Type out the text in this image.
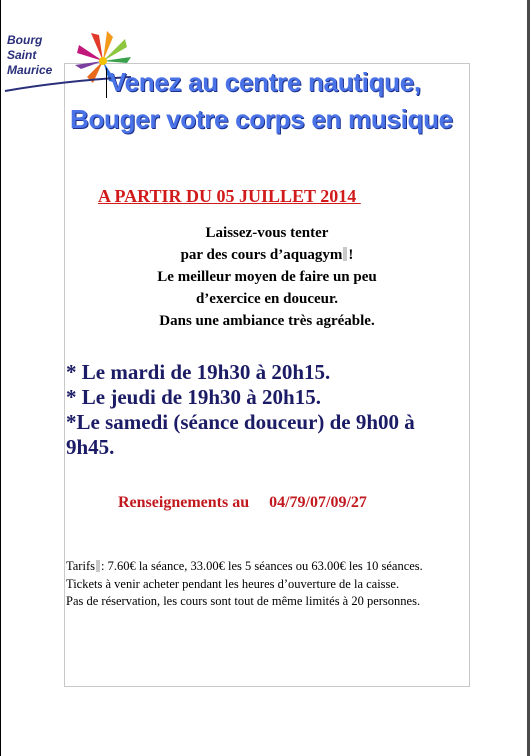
Bourg
Saint
Maurice Venez au centre nautique,
Bouger votre corps en musique
A PARTIR DU 05 JUILLET 2014
Laissez-vous tenter
par des cours d’aquagym !
Le meilleur moyen de faire un peu
d’exercice en douceur.
Dans une ambiance très agréable.
* Le mardi de 19h30 à 20h15.
* Le jeudi de 19h30 à 20h15.
*Le samedi (séance douceur) de 9h00 à 9h45.
Renseignements au 04/79/07/09/27
Tarifs : 7.60€ la séance, 33.00€ les 5 séances ou 63.00€ les 10 séances.
Tickets à venir acheter pendant les heures d’ouverture de la caisse.
Pas de réservation, les cours sont tout de même limités à 20 personnes.
